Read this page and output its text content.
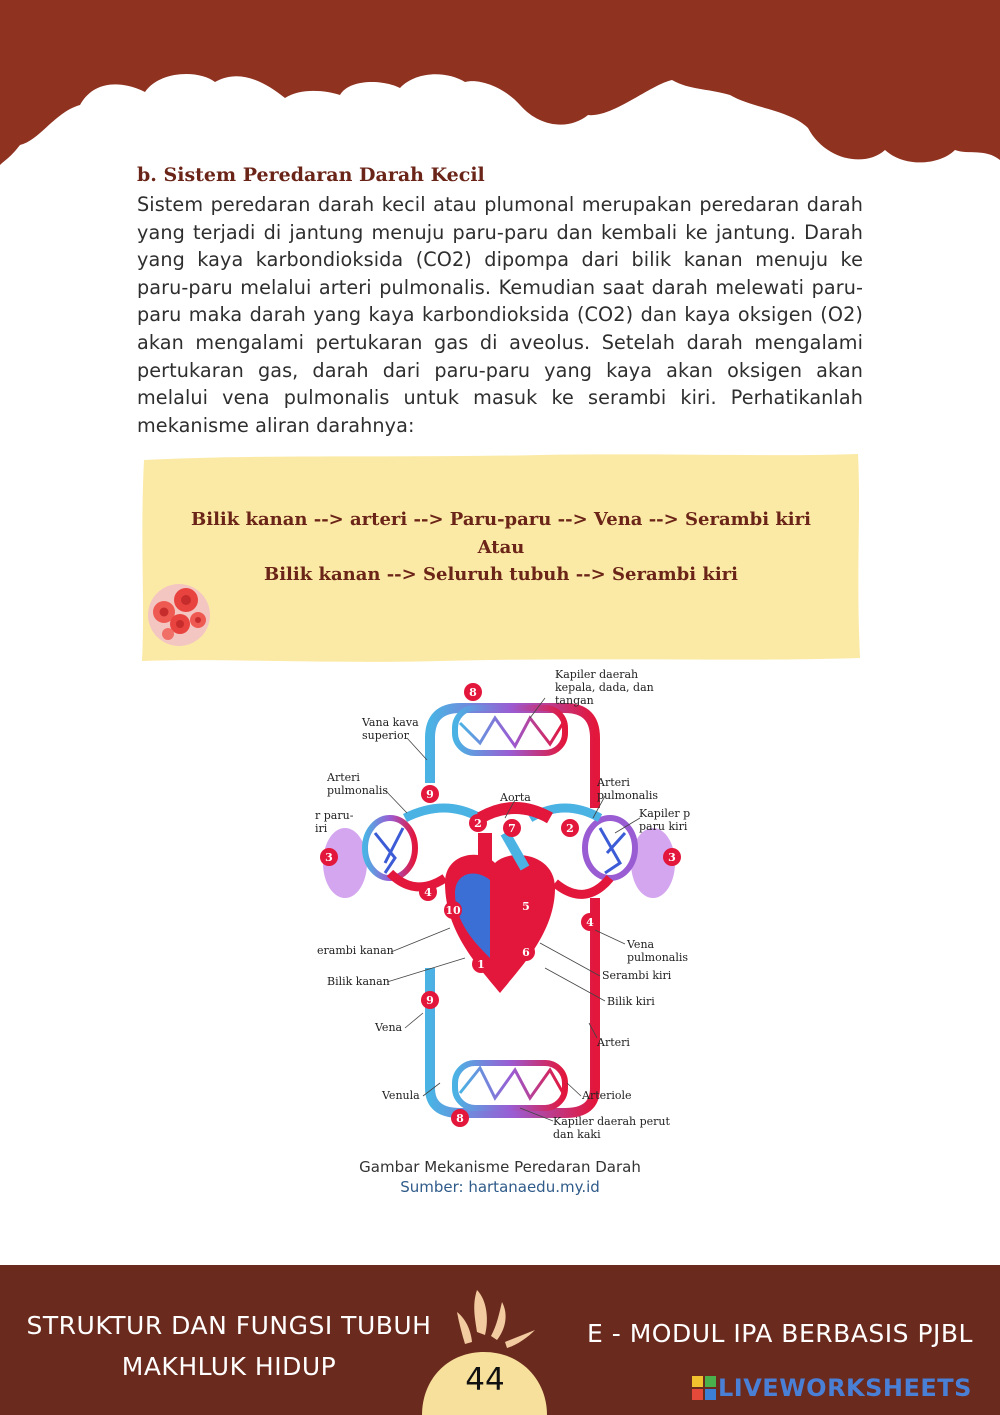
b. Sistem Peredaran Darah Kecil

Sistem peredaran darah kecil atau plumonal merupakan peredaran darah yang terjadi di jantung menuju paru-paru dan kembali ke jantung. Darah yang kaya karbondioksida (CO2) dipompa dari bilik kanan menuju ke paru-paru melalui arteri pulmonalis. Kemudian saat darah melewati paru-paru maka darah yang kaya karbondioksida (CO2) dan kaya oksigen (O2) akan mengalami pertukaran gas di aveolus. Setelah darah mengalami pertukaran gas, darah dari paru-paru yang kaya akan oksigen akan melalui vena pulmonalis untuk masuk ke serambi kiri. Perhatikanlah mekanisme aliran darahnya:

Bilik kanan --> arteri --> Paru-paru --> Vena --> Serambi kiri
Atau
Bilik kanan --> Seluruh tubuh --> Serambi kiri
8
9
2 7	2
3	3
4
4
10	5
6
1
9
8
Kapiler daerah kepala, dada, dan tangan
Vana kava superior
Arteri pulmonalis
Aorta
Arteri pulmonalis
r paru-iri
Kapiler p paru kiri
erambi kanan
Bilik kanan
Vena pulmonalis
Serambi kiri
Bilik kiri
Vena
Arteri
Venula	Arteriole
Kapiler daerah perut dan kaki
Gambar Mekanisme Peredaran Darah
Sumber: hartanaedu.my.id
STRUKTUR DAN FUNGSI TUBUH
MAKHLUK HIDUP
E - MODUL IPA BERBASIS PJBL
44	LIVEWORKSHEETS
